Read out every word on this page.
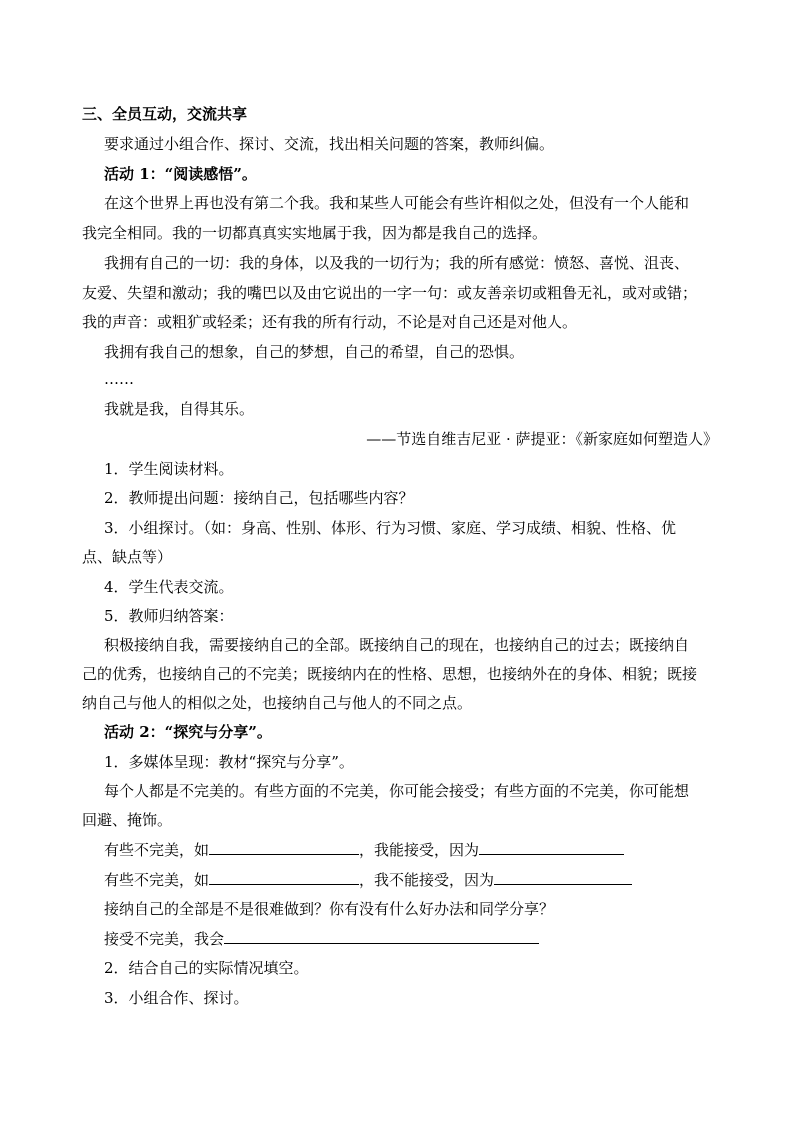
三、全员互动，交流共享
要求通过小组合作、探讨、交流，找出相关问题的答案，教师纠偏。
活动 1：“阅读感悟”。
在这个世界上再也没有第二个我。我和某些人可能会有些许相似之处，但没有一个人能和
我完全相同。我的一切都真真实实地属于我，因为都是我自己的选择。
我拥有自己的一切：我的身体，以及我的一切行为；我的所有感觉：愤怒、喜悦、沮丧、
友爱、失望和激动；我的嘴巴以及由它说出的一字一句：或友善亲切或粗鲁无礼，或对或错；
我的声音：或粗犷或轻柔；还有我的所有行动，不论是对自己还是对他人。
我拥有我自己的想象，自己的梦想，自己的希望，自己的恐惧。
……
我就是我，自得其乐。
——节选自维吉尼亚 · 萨提亚：《新家庭如何塑造人》
1．学生阅读材料。
2．教师提出问题：接纳自己，包括哪些内容？
3．小组探讨。（如：身高、性别、体形、行为习惯、家庭、学习成绩、相貌、性格、优
点、缺点等）
4．学生代表交流。
5．教师归纳答案：
积极接纳自我，需要接纳自己的全部。既接纳自己的现在，也接纳自己的过去；既接纳自
己的优秀，也接纳自己的不完美；既接纳内在的性格、思想，也接纳外在的身体、相貌；既接
纳自己与他人的相似之处，也接纳自己与他人的不同之点。
活动 2：“探究与分享”。
1．多媒体呈现：教材“探究与分享”。
每个人都是不完美的。有些方面的不完美，你可能会接受；有些方面的不完美，你可能想
回避、掩饰。
有些不完美，如	，我能接受，因为
有些不完美，如	，我不能接受，因为
接纳自己的全部是不是很难做到？你有没有什么好办法和同学分享？
接受不完美，我会
2．结合自己的实际情况填空。
3．小组合作、探讨。
